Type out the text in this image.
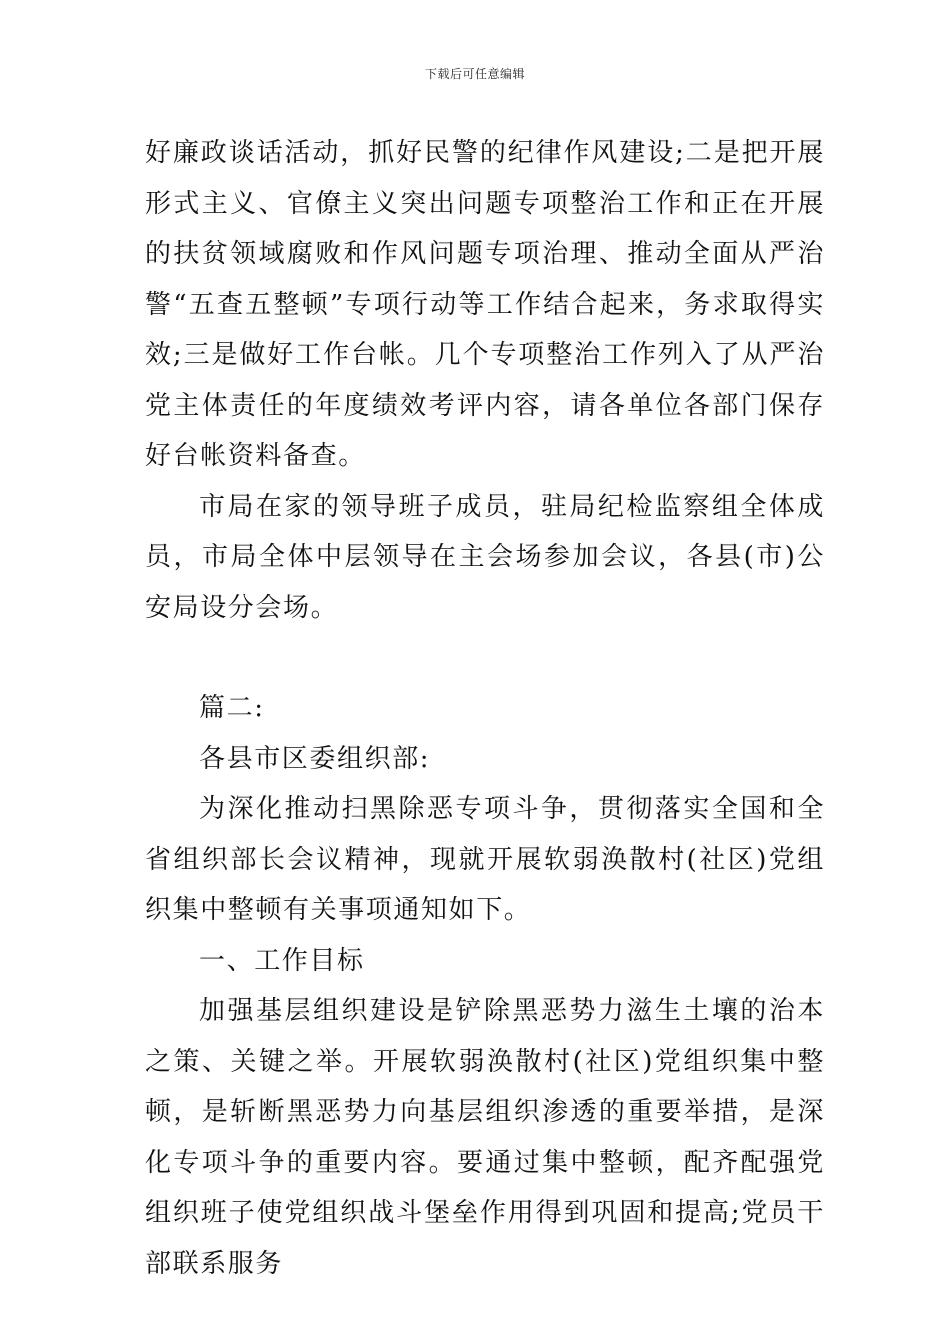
下载后可任意编辑

好廉政谈话活动，抓好民警的纪律作风建设;二是把开展形式主义、官僚主义突出问题专项整治工作和正在开展的扶贫领域腐败和作风问题专项治理、推动全面从严治警“五查五整顿”专项行动等工作结合起来，务求取得实效;三是做好工作台帐。几个专项整治工作列入了从严治党主体责任的年度绩效考评内容，请各单位各部门保存好台帐资料备查。

市局在家的领导班子成员，驻局纪检监察组全体成员，市局全体中层领导在主会场参加会议，各县(市)公安局设分会场。

篇二:

各县市区委组织部:

为深化推动扫黑除恶专项斗争，贯彻落实全国和全省组织部长会议精神，现就开展软弱涣散村(社区)党组织集中整顿有关事项通知如下。

一、工作目标

加强基层组织建设是铲除黑恶势力滋生土壤的治本之策、关键之举。开展软弱涣散村(社区)党组织集中整顿，是斩断黑恶势力向基层组织渗透的重要举措，是深化专项斗争的重要内容。要通过集中整顿，配齐配强党组织班子使党组织战斗堡垒作用得到巩固和提高;党员干部联系服务
